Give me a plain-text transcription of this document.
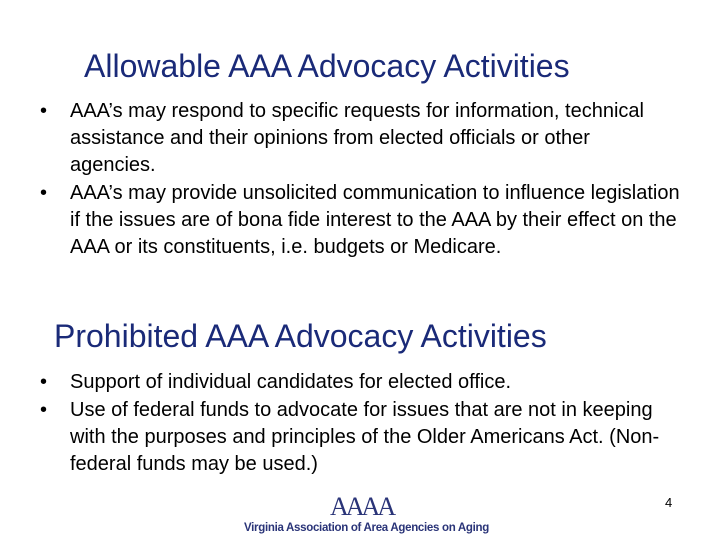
Allowable AAA Advocacy Activities
• AAA’s may respond to specific requests for information, technical assistance and their opinions from elected officials or other agencies.
• AAA’s may provide unsolicited communication to influence legislation if the issues are of bona fide interest to the AAA by their effect on the AAA or its constituents, i.e. budgets or Medicare.
Prohibited AAA Advocacy Activities
• Support of individual candidates for elected office.
• Use of federal funds to advocate for issues that are not in keeping with the purposes and principles of the Older Americans Act. (Non-federal funds may be used.)
4
AAAA
Virginia Association of Area Agencies on Aging
